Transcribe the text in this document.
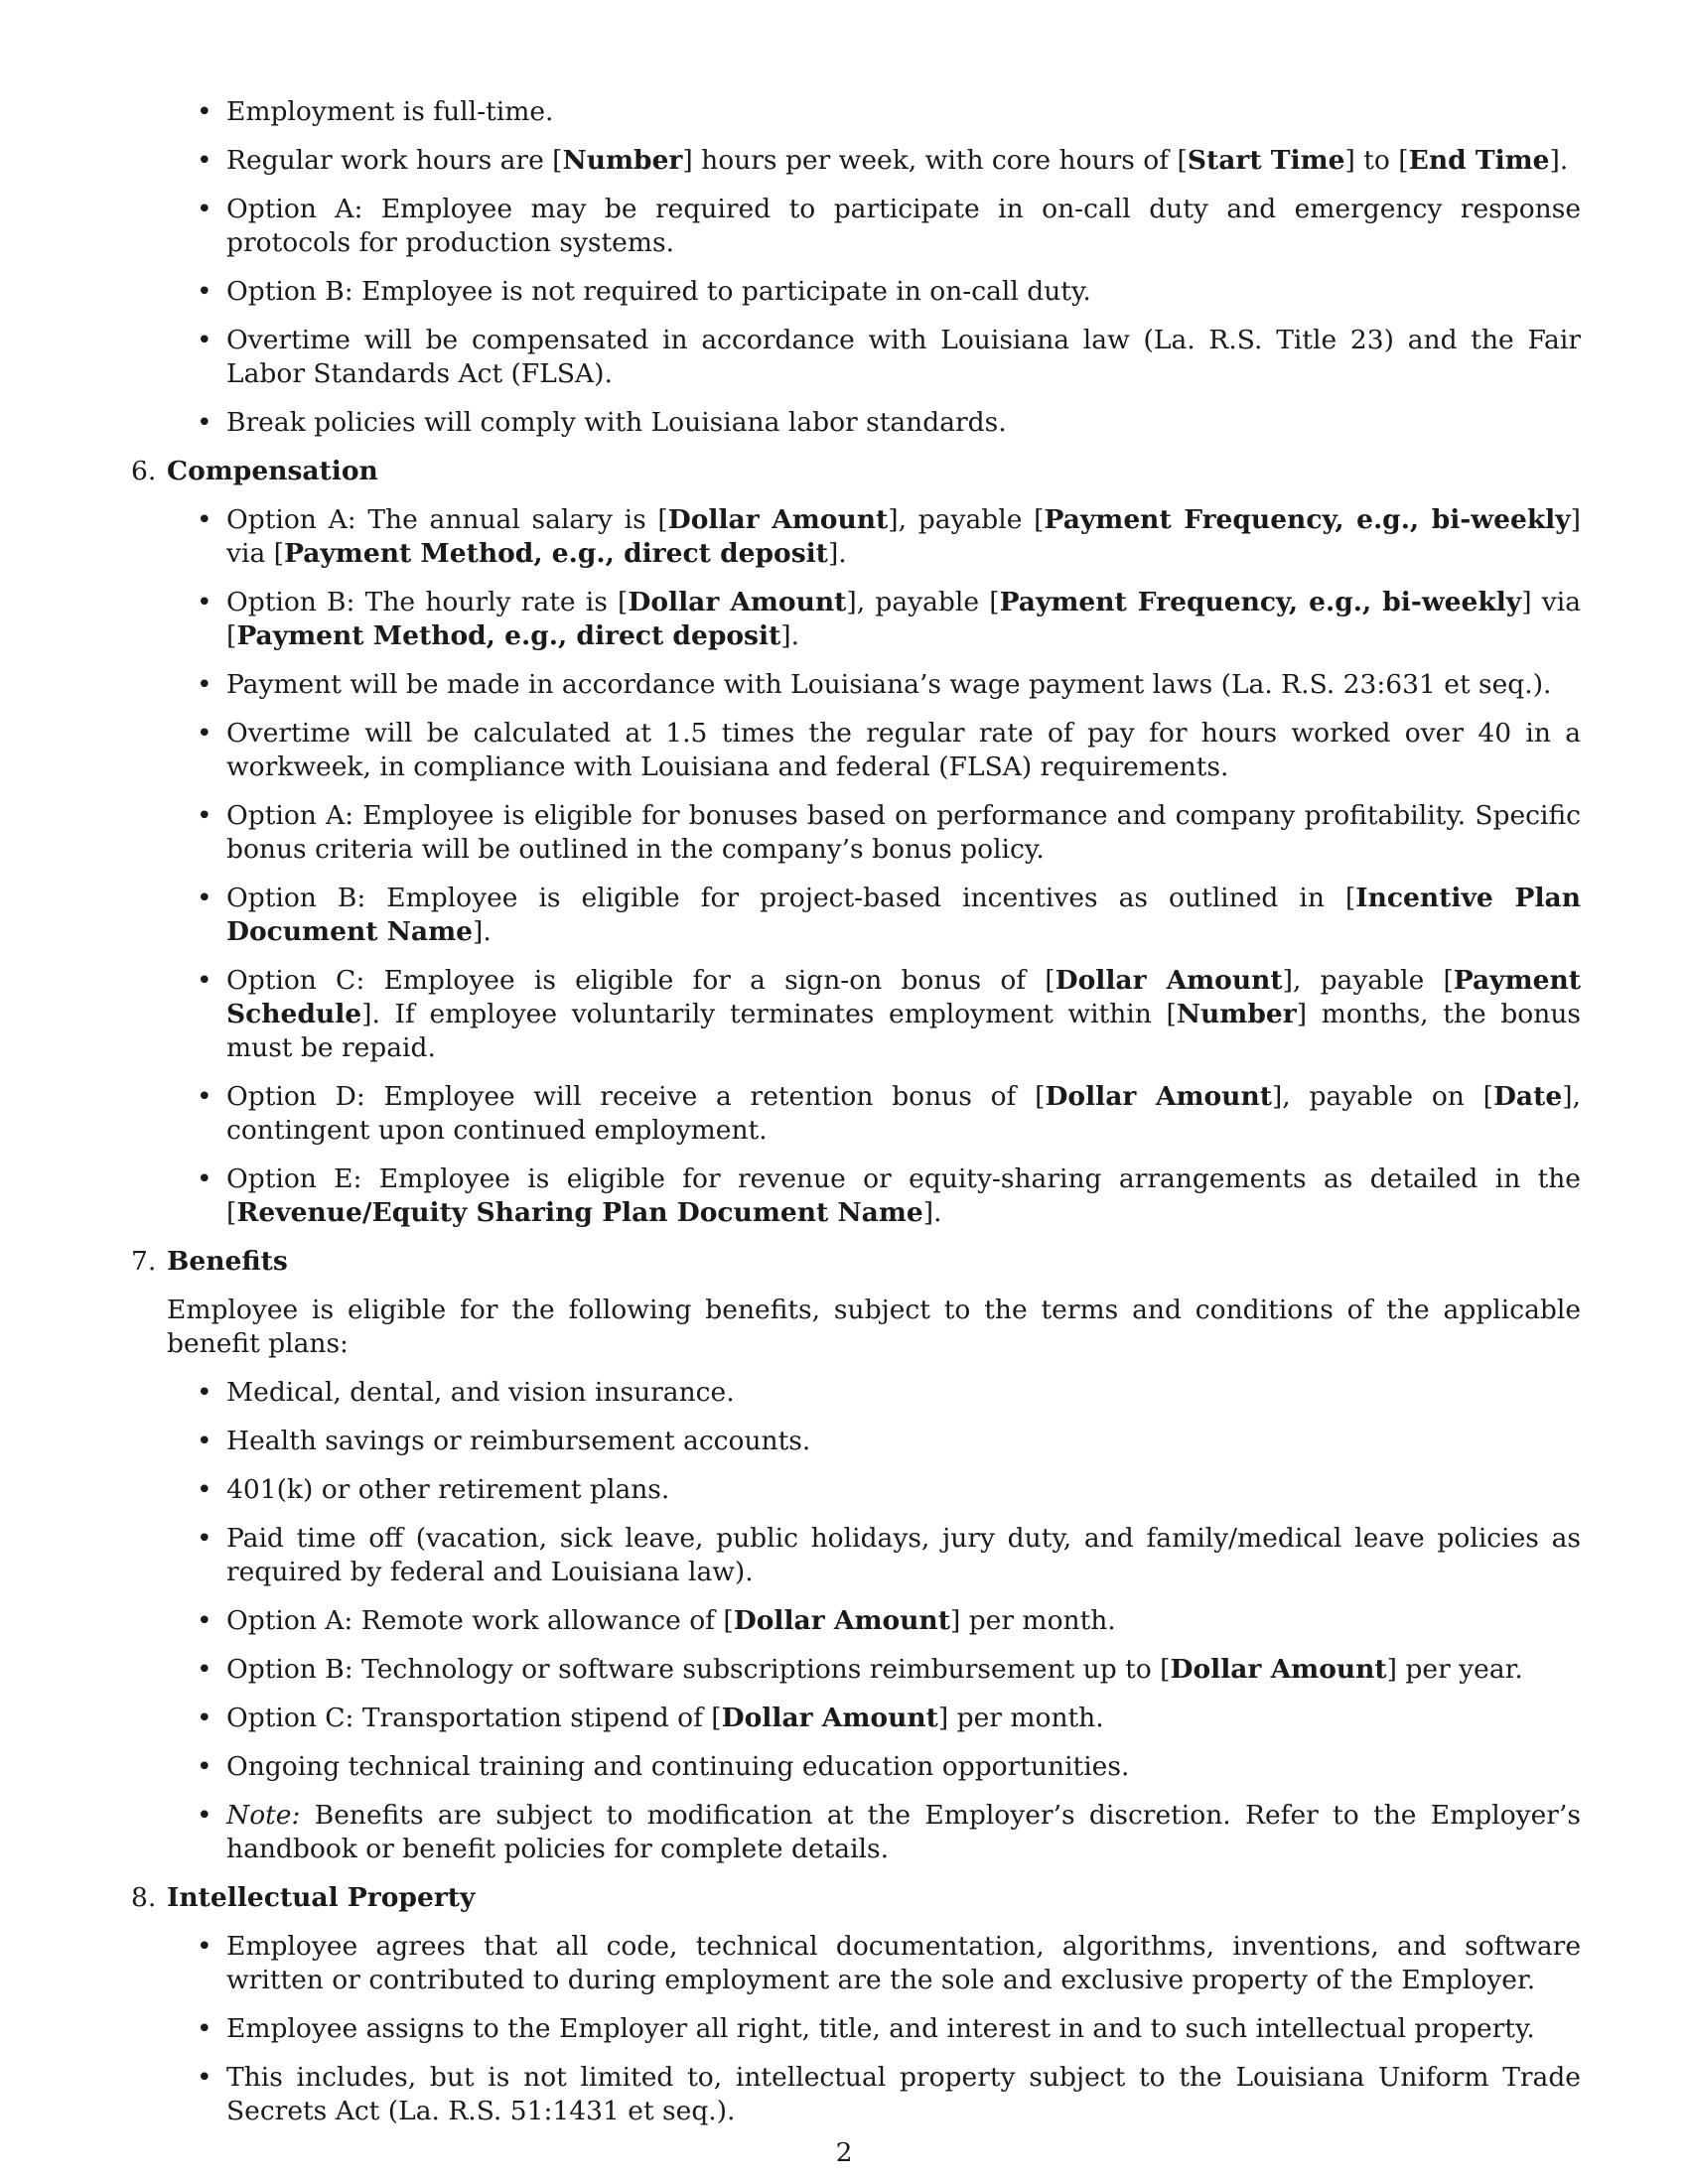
• Employment is full-time.
• Regular work hours are [Number] hours per week, with core hours of [Start Time] to [End Time].
• Option A: Employee may be required to participate in on-call duty and emergency response protocols for production systems.
• Option B: Employee is not required to participate in on-call duty.
• Overtime will be compensated in accordance with Louisiana law (La. R.S. Title 23) and the Fair Labor Standards Act (FLSA).
• Break policies will comply with Louisiana labor standards.
6. Compensation
• Option A: The annual salary is [Dollar Amount], payable [Payment Frequency, e.g., bi-weekly] via [Payment Method, e.g., direct deposit].
• Option B: The hourly rate is [Dollar Amount], payable [Payment Frequency, e.g., bi-weekly] via [Payment Method, e.g., direct deposit].
• Payment will be made in accordance with Louisiana’s wage payment laws (La. R.S. 23:631 et seq.).
• Overtime will be calculated at 1.5 times the regular rate of pay for hours worked over 40 in a workweek, in compliance with Louisiana and federal (FLSA) requirements.
• Option A: Employee is eligible for bonuses based on performance and company profitability. Specific bonus criteria will be outlined in the company’s bonus policy.
• Option B: Employee is eligible for project-based incentives as outlined in [Incentive Plan Document Name].
• Option C: Employee is eligible for a sign-on bonus of [Dollar Amount], payable [Payment Schedule]. If employee voluntarily terminates employment within [Number] months, the bonus must be repaid.
• Option D: Employee will receive a retention bonus of [Dollar Amount], payable on [Date], contingent upon continued employment.
• Option E: Employee is eligible for revenue or equity-sharing arrangements as detailed in the [Revenue/Equity Sharing Plan Document Name].
7. Benefits
Employee is eligible for the following benefits, subject to the terms and conditions of the applicable benefit plans:
• Medical, dental, and vision insurance.
• Health savings or reimbursement accounts.
• 401(k) or other retirement plans.
• Paid time off (vacation, sick leave, public holidays, jury duty, and family/medical leave policies as required by federal and Louisiana law).
• Option A: Remote work allowance of [Dollar Amount] per month.
• Option B: Technology or software subscriptions reimbursement up to [Dollar Amount] per year.
• Option C: Transportation stipend of [Dollar Amount] per month.
• Ongoing technical training and continuing education opportunities.
• Note: Benefits are subject to modification at the Employer’s discretion. Refer to the Employer’s handbook or benefit policies for complete details.
8. Intellectual Property
• Employee agrees that all code, technical documentation, algorithms, inventions, and software written or contributed to during employment are the sole and exclusive property of the Employer.
• Employee assigns to the Employer all right, title, and interest in and to such intellectual property.
• This includes, but is not limited to, intellectual property subject to the Louisiana Uniform Trade Secrets Act (La. R.S. 51:1431 et seq.).
2
